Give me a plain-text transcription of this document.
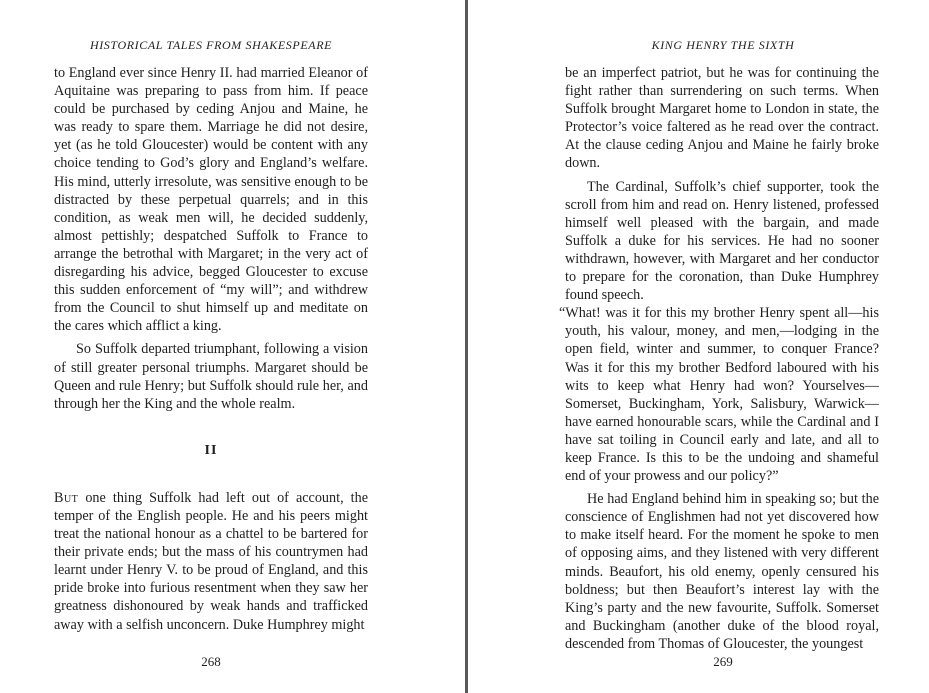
HISTORICAL TALES FROM SHAKESPEARE

to England ever since Henry II. had married Eleanor of Aquitaine was preparing to pass from him. If peace could be purchased by ceding Anjou and Maine, he was ready to spare them. Marriage he did not desire, yet (as he told Gloucester) would be content with any choice tending to God’s glory and England’s welfare. His mind, utterly irresolute, was sensitive enough to be distracted by these perpetual quarrels; and in this condition, as weak men will, he decided suddenly, almost pettishly; despatched Suffolk to France to arrange the betrothal with Margaret; in the very act of disregarding his advice, begged Gloucester to excuse this sudden enforcement of “my will”; and withdrew from the Council to shut himself up and meditate on the cares which afflict a king.

So Suffolk departed triumphant, following a vision of still greater personal triumphs. Margaret should be Queen and rule Henry; but Suffolk should rule her, and through her the King and the whole realm.

II

But one thing Suffolk had left out of account, the temper of the English people. He and his peers might treat the national honour as a chattel to be bartered for their private ends; but the mass of his countrymen had learnt under Henry V. to be proud of England, and this pride broke into furious resentment when they saw her greatness dishonoured by weak hands and trafficked away with a selfish unconcern. Duke Humphrey might

268
KING HENRY THE SIXTH

be an imperfect patriot, but he was for continuing the fight rather than surrendering on such terms. When Suffolk brought Margaret home to London in state, the Protector’s voice faltered as he read over the contract. At the clause ceding Anjou and Maine he fairly broke down.

The Cardinal, Suffolk’s chief supporter, took the scroll from him and read on. Henry listened, professed himself well pleased with the bargain, and made Suffolk a duke for his services. He had no sooner withdrawn, however, with Margaret and her conductor to prepare for the coronation, than Duke Humphrey found speech.

“What! was it for this my brother Henry spent all—his youth, his valour, money, and men,—lodging in the open field, winter and summer, to conquer France? Was it for this my brother Bedford laboured with his wits to keep what Henry had won? Yourselves—Somerset, Buckingham, York, Salisbury, Warwick—have earned honourable scars, while the Cardinal and I have sat toiling in Council early and late, and all to keep France. Is this to be the undoing and shameful end of your prowess and our policy?”

He had England behind him in speaking so; but the conscience of Englishmen had not yet discovered how to make itself heard. For the moment he spoke to men of opposing aims, and they listened with very different minds. Beaufort, his old enemy, openly censured his boldness; but then Beaufort’s interest lay with the King’s party and the new favourite, Suffolk. Somerset and Buckingham (another duke of the blood royal, descended from Thomas of Gloucester, the youngest

269
